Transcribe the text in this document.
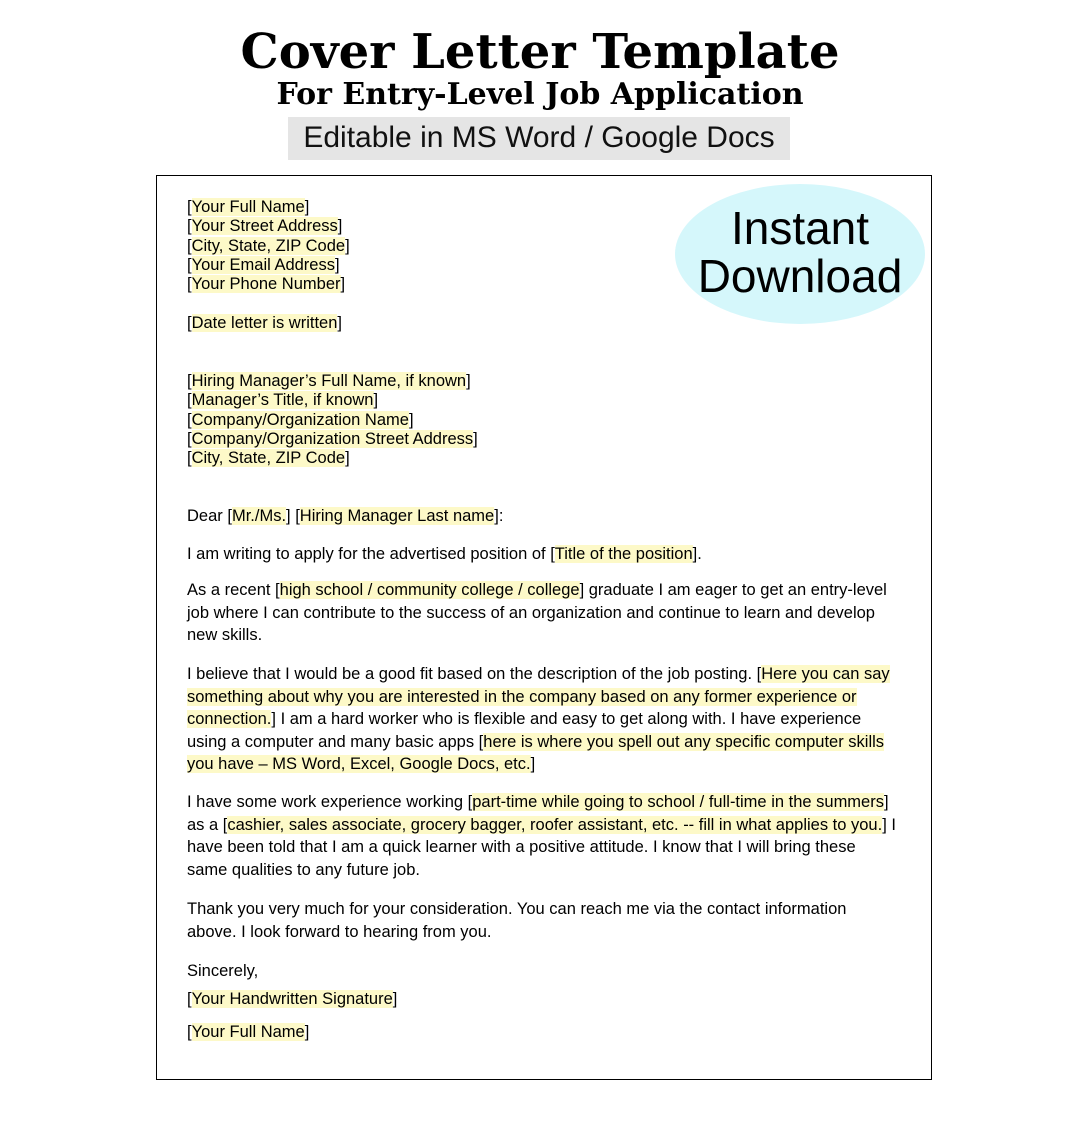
Cover Letter Template
For Entry-Level Job Application
Editable in MS Word / Google Docs
Instant
Download
[Your Full Name]
[Your Street Address]
[City, State, ZIP Code]
[Your Email Address]
[Your Phone Number]
[Date letter is written]
[Hiring Manager’s Full Name, if known]
[Manager’s Title, if known]
[Company/Organization Name]
[Company/Organization Street Address]
[City, State, ZIP Code]
Dear [Mr./Ms.] [Hiring Manager Last name]:
I am writing to apply for the advertised position of [Title of the position].
As a recent [high school / community college / college] graduate I am eager to get an entry-level job where I can contribute to the success of an organization and continue to learn and develop new skills.
I believe that I would be a good fit based on the description of the job posting. [Here you can say something about why you are interested in the company based on any former experience or connection.] I am a hard worker who is flexible and easy to get along with. I have experience using a computer and many basic apps [here is where you spell out any specific computer skills you have – MS Word, Excel, Google Docs, etc.]
I have some work experience working [part-time while going to school / full-time in the summers] as a [cashier, sales associate, grocery bagger, roofer assistant, etc. -- fill in what applies to you.] I have been told that I am a quick learner with a positive attitude. I know that I will bring these same qualities to any future job.
Thank you very much for your consideration. You can reach me via the contact information above. I look forward to hearing from you.
Sincerely,
[Your Handwritten Signature]
[Your Full Name]
